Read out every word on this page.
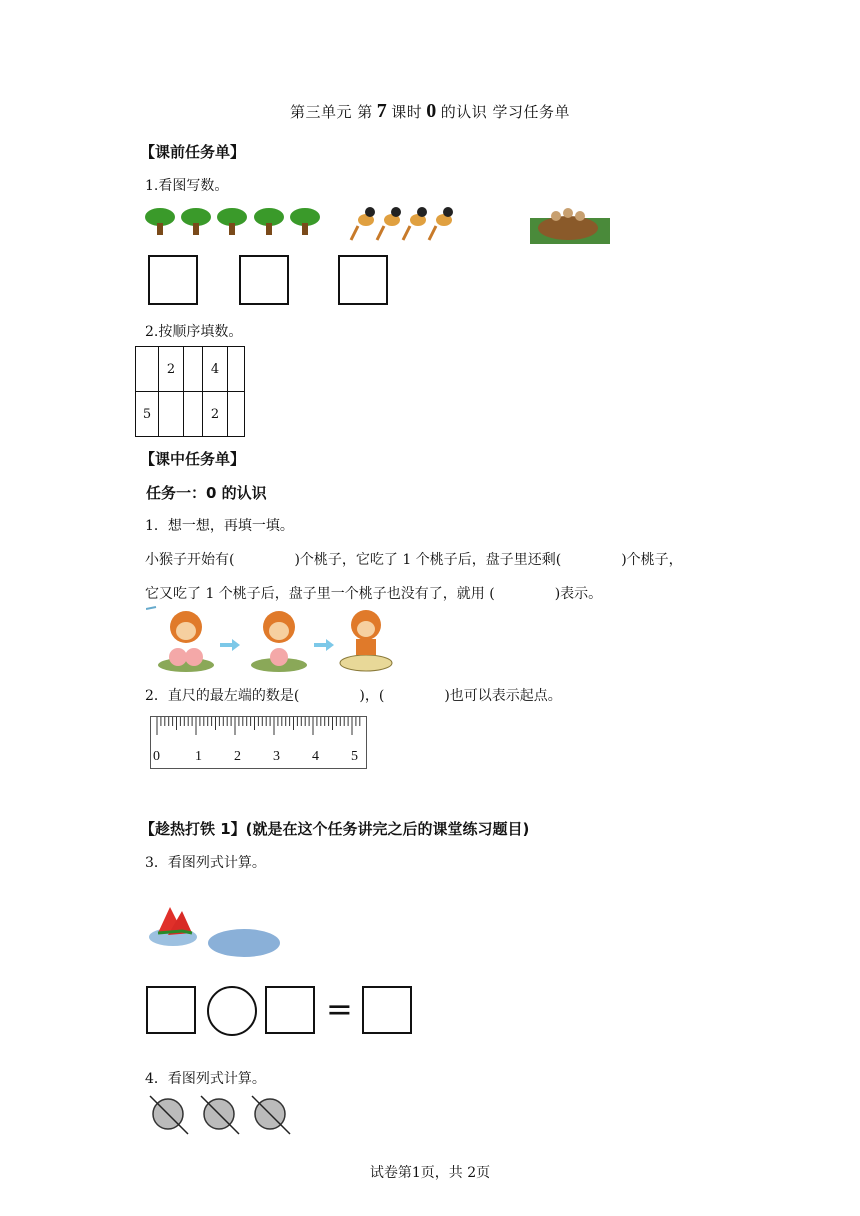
第三单元 第 7 课时 0 的认识 学习任务单
【课前任务单】
1.看图写数。
2.按顺序填数。
	2		4	
5			2	
【课中任务单】
任务一：0 的认识
1．想一想，再填一填。
小猴子开始有(	)个桃子，它吃了 1 个桃子后，盘子里还剩(	)个桃子，
它又吃了 1 个桃子后，盘子里一个桃子也没有了，就用 (	)表示。
2．直尺的最左端的数是(	)，(	)也可以表示起点。
0	1 2 3 4 5
【趁热打铁 1】(就是在这个任务讲完之后的课堂练习题目)
3．看图列式计算。
=
4．看图列式计算。
试卷第1页，共 2页
